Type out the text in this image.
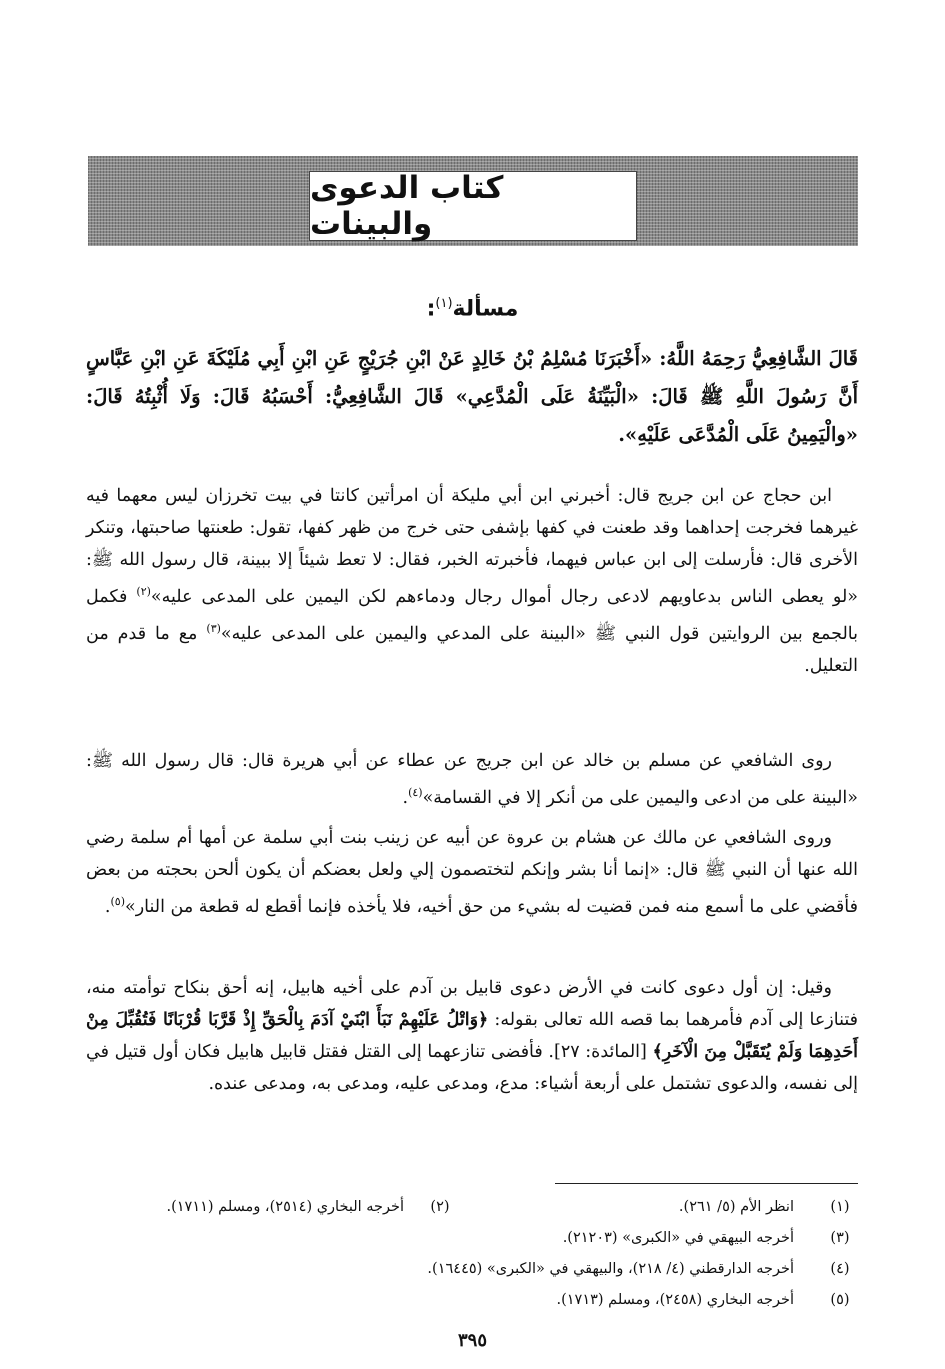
كتاب الدعوى والبينات
مسألة$^{(١)}$:
قَالَ الشَّافِعِيُّ رَحِمَهُ اللَّهُ: «أَخْبَرَنَا مُسْلِمُ بْنُ خَالِدٍ عَنْ ابْنِ جُرَيْجٍ عَنِ ابْنِ أَبِي مُلَيْكَةَ عَنِ ابْنِ عَبَّاسٍ أَنَّ رَسُولَ اللَّهِ ﷺ قَالَ: «الْبَيِّنَةُ عَلَى الْمُدَّعِي» قَالَ الشَّافِعِيُّ: أَحْسَبُهُ قَالَ: وَلَا أُثْبِتُهُ قَالَ: «والْيَمِينُ عَلَى الْمُدَّعَى عَلَيْهِ».

ابن حجاج عن ابن جريج قال: أخبرني ابن أبي مليكة أن امرأتين كانتا في بيت تخرزان ليس معهما فيه غيرهما فخرجت إحداهما وقد طعنت في كفها بإشفى حتى خرج من ظهر كفها، تقول: طعنتها صاحبتها، وتنكر الأخرى قال: فأرسلت إلى ابن عباس فيهما، فأخبرته الخبر، فقال: لا تعط شيئاً إلا ببينة، قال رسول الله ﷺ: «لو يعطى الناس بدعاويهم لادعى رجال أموال رجال ودماءهم لكن اليمين على المدعى عليه»$^{(٢)}$ فكمل بالجمع بين الروايتين قول النبي ﷺ «البينة على المدعي واليمين على المدعى عليه»$^{(٣)}$ مع ما قدم من التعليل.

روى الشافعي عن مسلم بن خالد عن ابن جريج عن عطاء عن أبي هريرة قال: قال رسول الله ﷺ: «البينة على من ادعى واليمين على من أنكر إلا في القسامة»$^{(٤)}$.

وروى الشافعي عن مالك عن هشام بن عروة عن أبيه عن زينب بنت أبي سلمة عن أمها أم سلمة رضي الله عنها أن النبي ﷺ قال: «إنما أنا بشر وإنكم لتختصمون إلي ولعل بعضكم أن يكون ألحن بحجته من بعض فأقضي على ما أسمع منه فمن قضيت له بشيء من حق أخيه، فلا يأخذه فإنما أقطع له قطعة من النار»$^{(٥)}$.

وقيل: إن أول دعوى كانت في الأرض دعوى قابيل بن آدم على أخيه هابيل، إنه أحق بنكاح توأمته منه، فتنازعا إلى آدم فأمرهما بما قصه الله تعالى بقوله: ﴿وَاتْلُ عَلَيْهِمْ نَبَأَ ابْنَيْ آدَمَ بِالْحَقِّ إِذْ قَرَّبَا قُرْبَانًا فَتُقُبِّلَ مِنْ أَحَدِهِمَا وَلَمْ يُتَقَبَّلْ مِنَ الْآخَرِ﴾ [المائدة: ٢٧]. فأفضى تنازعهما إلى القتل فقتل قابيل هابيل فكان أول قتيل في إلى نفسه، والدعوى تشتمل على أربعة أشياء: مدع، ومدعى عليه، ومدعى به، ومدعى عنده.

(١)
انظر الأم (٥/ ٢٦١).
(٢)
أخرجه البخاري (٢٥١٤)، ومسلم (١٧١١).
(٣)
أخرجه البيهقي في «الكبرى» (٢١٢٠٣).
(٤)
أخرجه الدارقطني (٤/ ٢١٨)، والبيهقي في «الكبرى» (١٦٤٤٥).
(٥)
أخرجه البخاري (٢٤٥٨)، ومسلم (١٧١٣).
٣٩٥
